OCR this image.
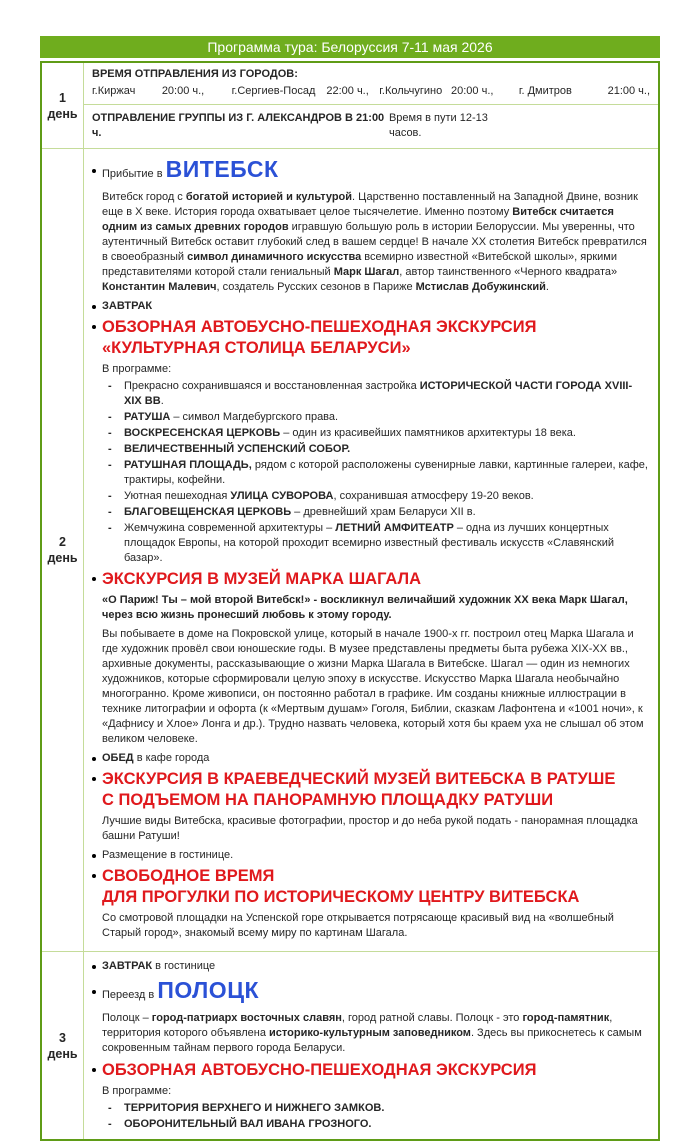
Программа тура: Белоруссия 7-11 мая 2026
1
день
ВРЕМЯ ОТПРАВЛЕНИЯ ИЗ ГОРОДОВ:
г.Киржач	20:00 ч.,	г.Сергиев-Посад 22:00 ч., г.Кольчугино 20:00 ч.,	г. Дмитров	21:00 ч.,
ОТПРАВЛЕНИЕ ГРУППЫ ИЗ Г. АЛЕКСАНДРОВ В 21:00 ч.
Время в пути 12-13 часов.
2
день
Прибытие в ВИТЕБСК
Витебск город с богатой историей и культурой. Царственно поставленный на Западной Двине, возник еще в X веке. История города охватывает целое тысячелетие. Именно поэтому Витебск считается одним из самых древних городов игравшую большую роль в истории Белоруссии. Мы уверенны, что аутентичный Витебск оставит глубокий след в вашем сердце! В начале XX столетия Витебск превратился в своеобразный символ динамичного искусства всемирно известной «Витебской школы», яркими представителями которой стали гениальный Марк Шагал, автор таинственного «Черного квадрата» Константин Малевич, создатель Русских сезонов в Париже Мстислав Добужинский.
ЗАВТРАК
ОБЗОРНАЯ АВТОБУСНО-ПЕШЕХОДНАЯ ЭКСКУРСИЯ
«КУЛЬТУРНАЯ СТОЛИЦА БЕЛАРУСИ»
В программе:
-	Прекрасно сохранившаяся и восстановленная застройка ИСТОРИЧЕСКОЙ ЧАСТИ ГОРОДА XVIII-XIX ВВ.
-	РАТУША – символ Магдебургского права.
-	ВОСКРЕСЕНСКАЯ ЦЕРКОВЬ – один из красивейших памятников архитектуры 18 века.
-	ВЕЛИЧЕСТВЕННЫЙ УСПЕНСКИЙ СОБОР.
-	РАТУШНАЯ ПЛОЩАДЬ, рядом с которой расположены сувенирные лавки, картинные галереи, кафе, трактиры, кофейни.
-	Уютная пешеходная УЛИЦА СУВОРОВА, сохранившая атмосферу 19-20 веков.
-	БЛАГОВЕЩЕНСКАЯ ЦЕРКОВЬ – древнейший храм Беларуси XII в.
-	Жемчужина современной архитектуры – ЛЕТНИЙ АМФИТЕАТР – одна из лучших концертных площадок Европы, на которой проходит всемирно известный фестиваль искусств «Славянский базар».
ЭКСКУРСИЯ В МУЗЕЙ МАРКА ШАГАЛА
«О Париж! Ты – мой второй Витебск!» - воскликнул величайший художник XX века Марк Шагал, через всю жизнь пронесший любовь к этому городу.
Вы побываете в доме на Покровской улице, который в начале 1900-х гг. построил отец Марка Шагала и где художник провёл свои юношеские годы. В музее представлены предметы быта рубежа XIX-XX вв., архивные документы, рассказывающие о жизни Марка Шагала в Витебске. Шагал — один из немногих художников, которые сформировали целую эпоху в искусстве. Искусство Марка Шагала необычайно многогранно. Кроме живописи, он постоянно работал в графике. Им созданы книжные иллюстрации в технике литографии и офорта (к «Мертвым душам» Гоголя, Библии, сказкам Лафонтена и «1001 ночи», к «Дафнису и Хлое» Лонга и др.). Трудно назвать человека, который хотя бы краем уха не слышал об этом великом человеке.
ОБЕД в кафе города
ЭКСКУРСИЯ В КРАЕВЕДЧЕСКИЙ МУЗЕЙ ВИТЕБСКА В РАТУШЕ
С ПОДЪЕМОМ НА ПАНОРАМНУЮ ПЛОЩАДКУ РАТУШИ
Лучшие виды Витебска, красивые фотографии, простор и до неба рукой подать - панорамная площадка башни Ратуши!
Размещение в гостинице.
СВОБОДНОЕ ВРЕМЯ
ДЛЯ ПРОГУЛКИ ПО ИСТОРИЧЕСКОМУ ЦЕНТРУ ВИТЕБСКА
Со смотровой площадки на Успенской горе открывается потрясающе красивый вид на «волшебный Старый город», знакомый всему миру по картинам Шагала.
3
день
ЗАВТРАК в гостинице
Переезд в ПОЛОЦК
Полоцк – город-патриарх восточных славян, город ратной славы. Полоцк - это город-памятник, территория которого объявлена историко-культурным заповедником. Здесь вы прикоснетесь к самым сокровенным тайнам первого города Беларуси.
ОБЗОРНАЯ АВТОБУСНО-ПЕШЕХОДНАЯ ЭКСКУРСИЯ
В программе:
-	ТЕРРИТОРИЯ ВЕРХНЕГО И НИЖНЕГО ЗАМКОВ.
-	ОБОРОНИТЕЛЬНЫЙ ВАЛ ИВАНА ГРОЗНОГО.
